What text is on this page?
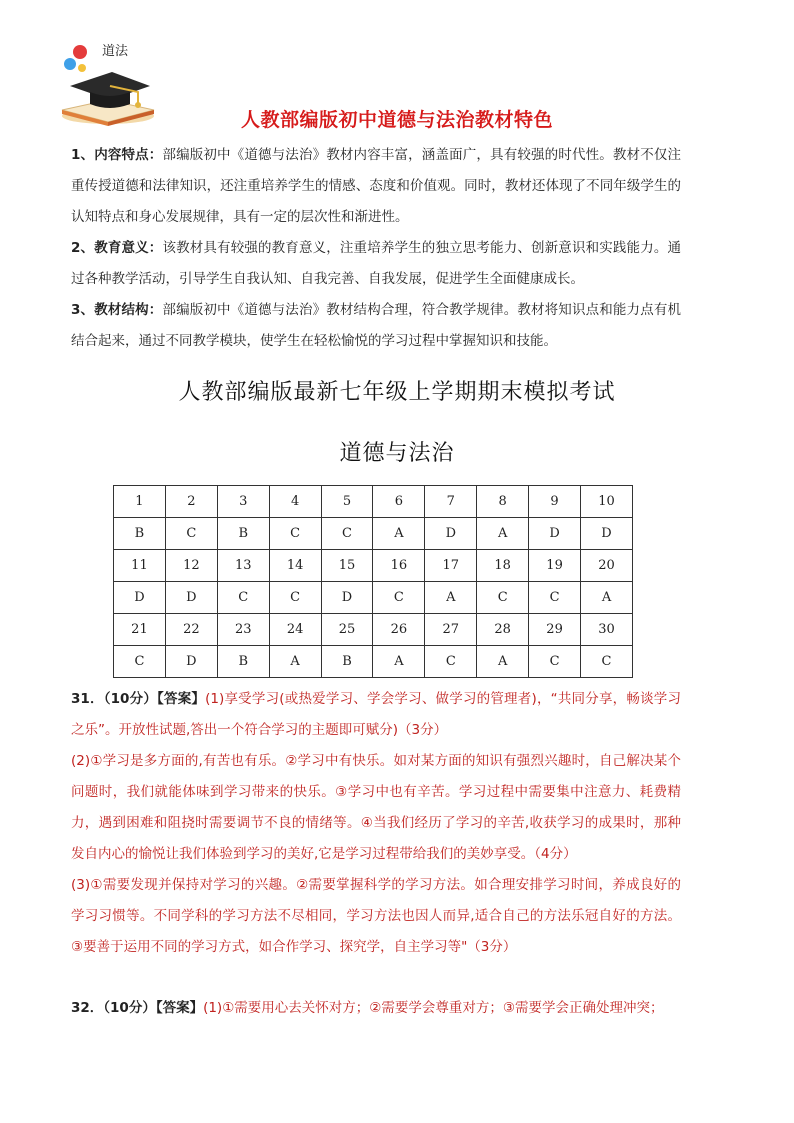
道法
人教部编版初中道德与法治教材特色

1、内容特点：部编版初中《道德与法治》教材内容丰富，涵盖面广，具有较强的时代性。教材不仅注重传授道德和法律知识，还注重培养学生的情感、态度和价值观。同时，教材还体现了不同年级学生的认知特点和身心发展规律，具有一定的层次性和渐进性。

2、教育意义：该教材具有较强的教育意义，注重培养学生的独立思考能力、创新意识和实践能力。通过各种教学活动，引导学生自我认知、自我完善、自我发展，促进学生全面健康成长。

3、教材结构：部编版初中《道德与法治》教材结构合理，符合教学规律。教材将知识点和能力点有机结合起来，通过不同教学模块，使学生在轻松愉悦的学习过程中掌握知识和技能。

人教部编版最新七年级上学期期末模拟考试
道德与法治
1	2	3	4	5	6	7	8	9	10
B	C	B	C	C	A	D	A	D	D
11	12	13	14	15	16	17	18	19	20
D	D	C	C	D	C	A	C	C	A
21	22	23	24	25	26	27	28	29	30
C	D	B	A	B	A	C	A	C	C

31．（10分）【答案】(1)享受学习(或热爱学习、学会学习、做学习的管理者)，“共同分享，畅谈学习之乐”。开放性试题,答出一个符合学习的主题即可赋分)（3分）

(2)①学习是多方面的,有苦也有乐。②学习中有快乐。如对某方面的知识有强烈兴趣时，自己解决某个问题时，我们就能体味到学习带来的快乐。③学习中也有辛苦。学习过程中需要集中注意力、耗费精力，遇到困难和阻挠时需要调节不良的情绪等。④当我们经历了学习的辛苦,收获学习的成果时，那种发自内心的愉悦让我们体验到学习的美好,它是学习过程带给我们的美妙享受。（4分）

(3)①需要发现并保持对学习的兴趣。②需要掌握科学的学习方法。如合理安排学习时间，养成良好的学习习惯等。不同学科的学习方法不尽相同，学习方法也因人而异,适合自己的方法乐冠自好的方法。③要善于运用不同的学习方式，如合作学习、探究学，自主学习等"（3分）

32．（10分）【答案】(1)①需要用心去关怀对方；②需要学会尊重对方；③需要学会正确处理冲突；
